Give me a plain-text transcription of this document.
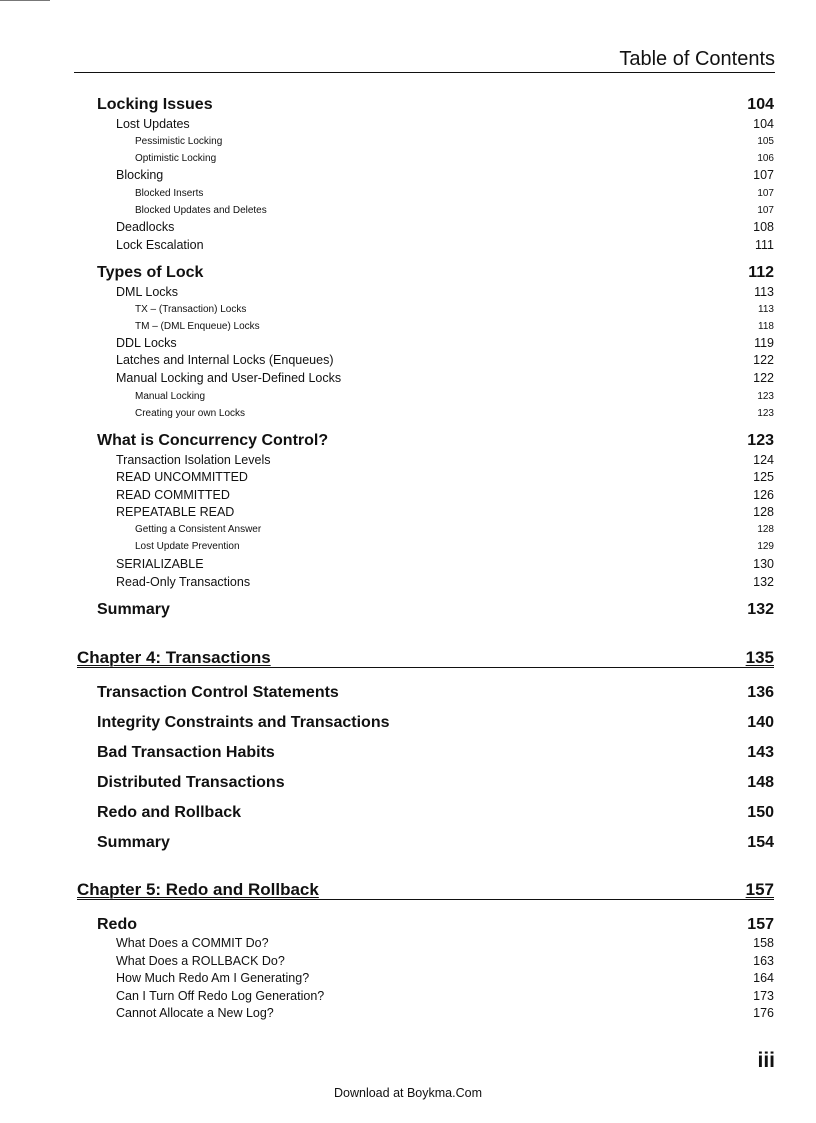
Table of Contents
Locking Issues	104
Lost Updates	104
Pessimistic Locking	105
Optimistic Locking	106
Blocking	107
Blocked Inserts	107
Blocked Updates and Deletes	107
Deadlocks	108
Lock Escalation	111
Types of Lock	112
DML Locks	113
TX – (Transaction) Locks	113
TM – (DML Enqueue) Locks	118
DDL Locks	119
Latches and Internal Locks (Enqueues)	122
Manual Locking and User-Defined Locks	122
Manual Locking	123
Creating your own Locks	123
What is Concurrency Control?	123
Transaction Isolation Levels	124
READ UNCOMMITTED	125
READ COMMITTED	126
REPEATABLE READ	128
Getting a Consistent Answer	128
Lost Update Prevention	129
SERIALIZABLE	130
Read-Only Transactions	132
Summary	132
Chapter 4: Transactions	135
Transaction Control Statements	136
Integrity Constraints and Transactions	140
Bad Transaction Habits	143
Distributed Transactions	148
Redo and Rollback	150
Summary	154
Chapter 5: Redo and Rollback	157
Redo	157
What Does a COMMIT Do?	158
What Does a ROLLBACK Do?	163
How Much Redo Am I Generating?	164
Can I Turn Off Redo Log Generation?	173
Cannot Allocate a New Log?	176
iii
Download at Boykma.Com
